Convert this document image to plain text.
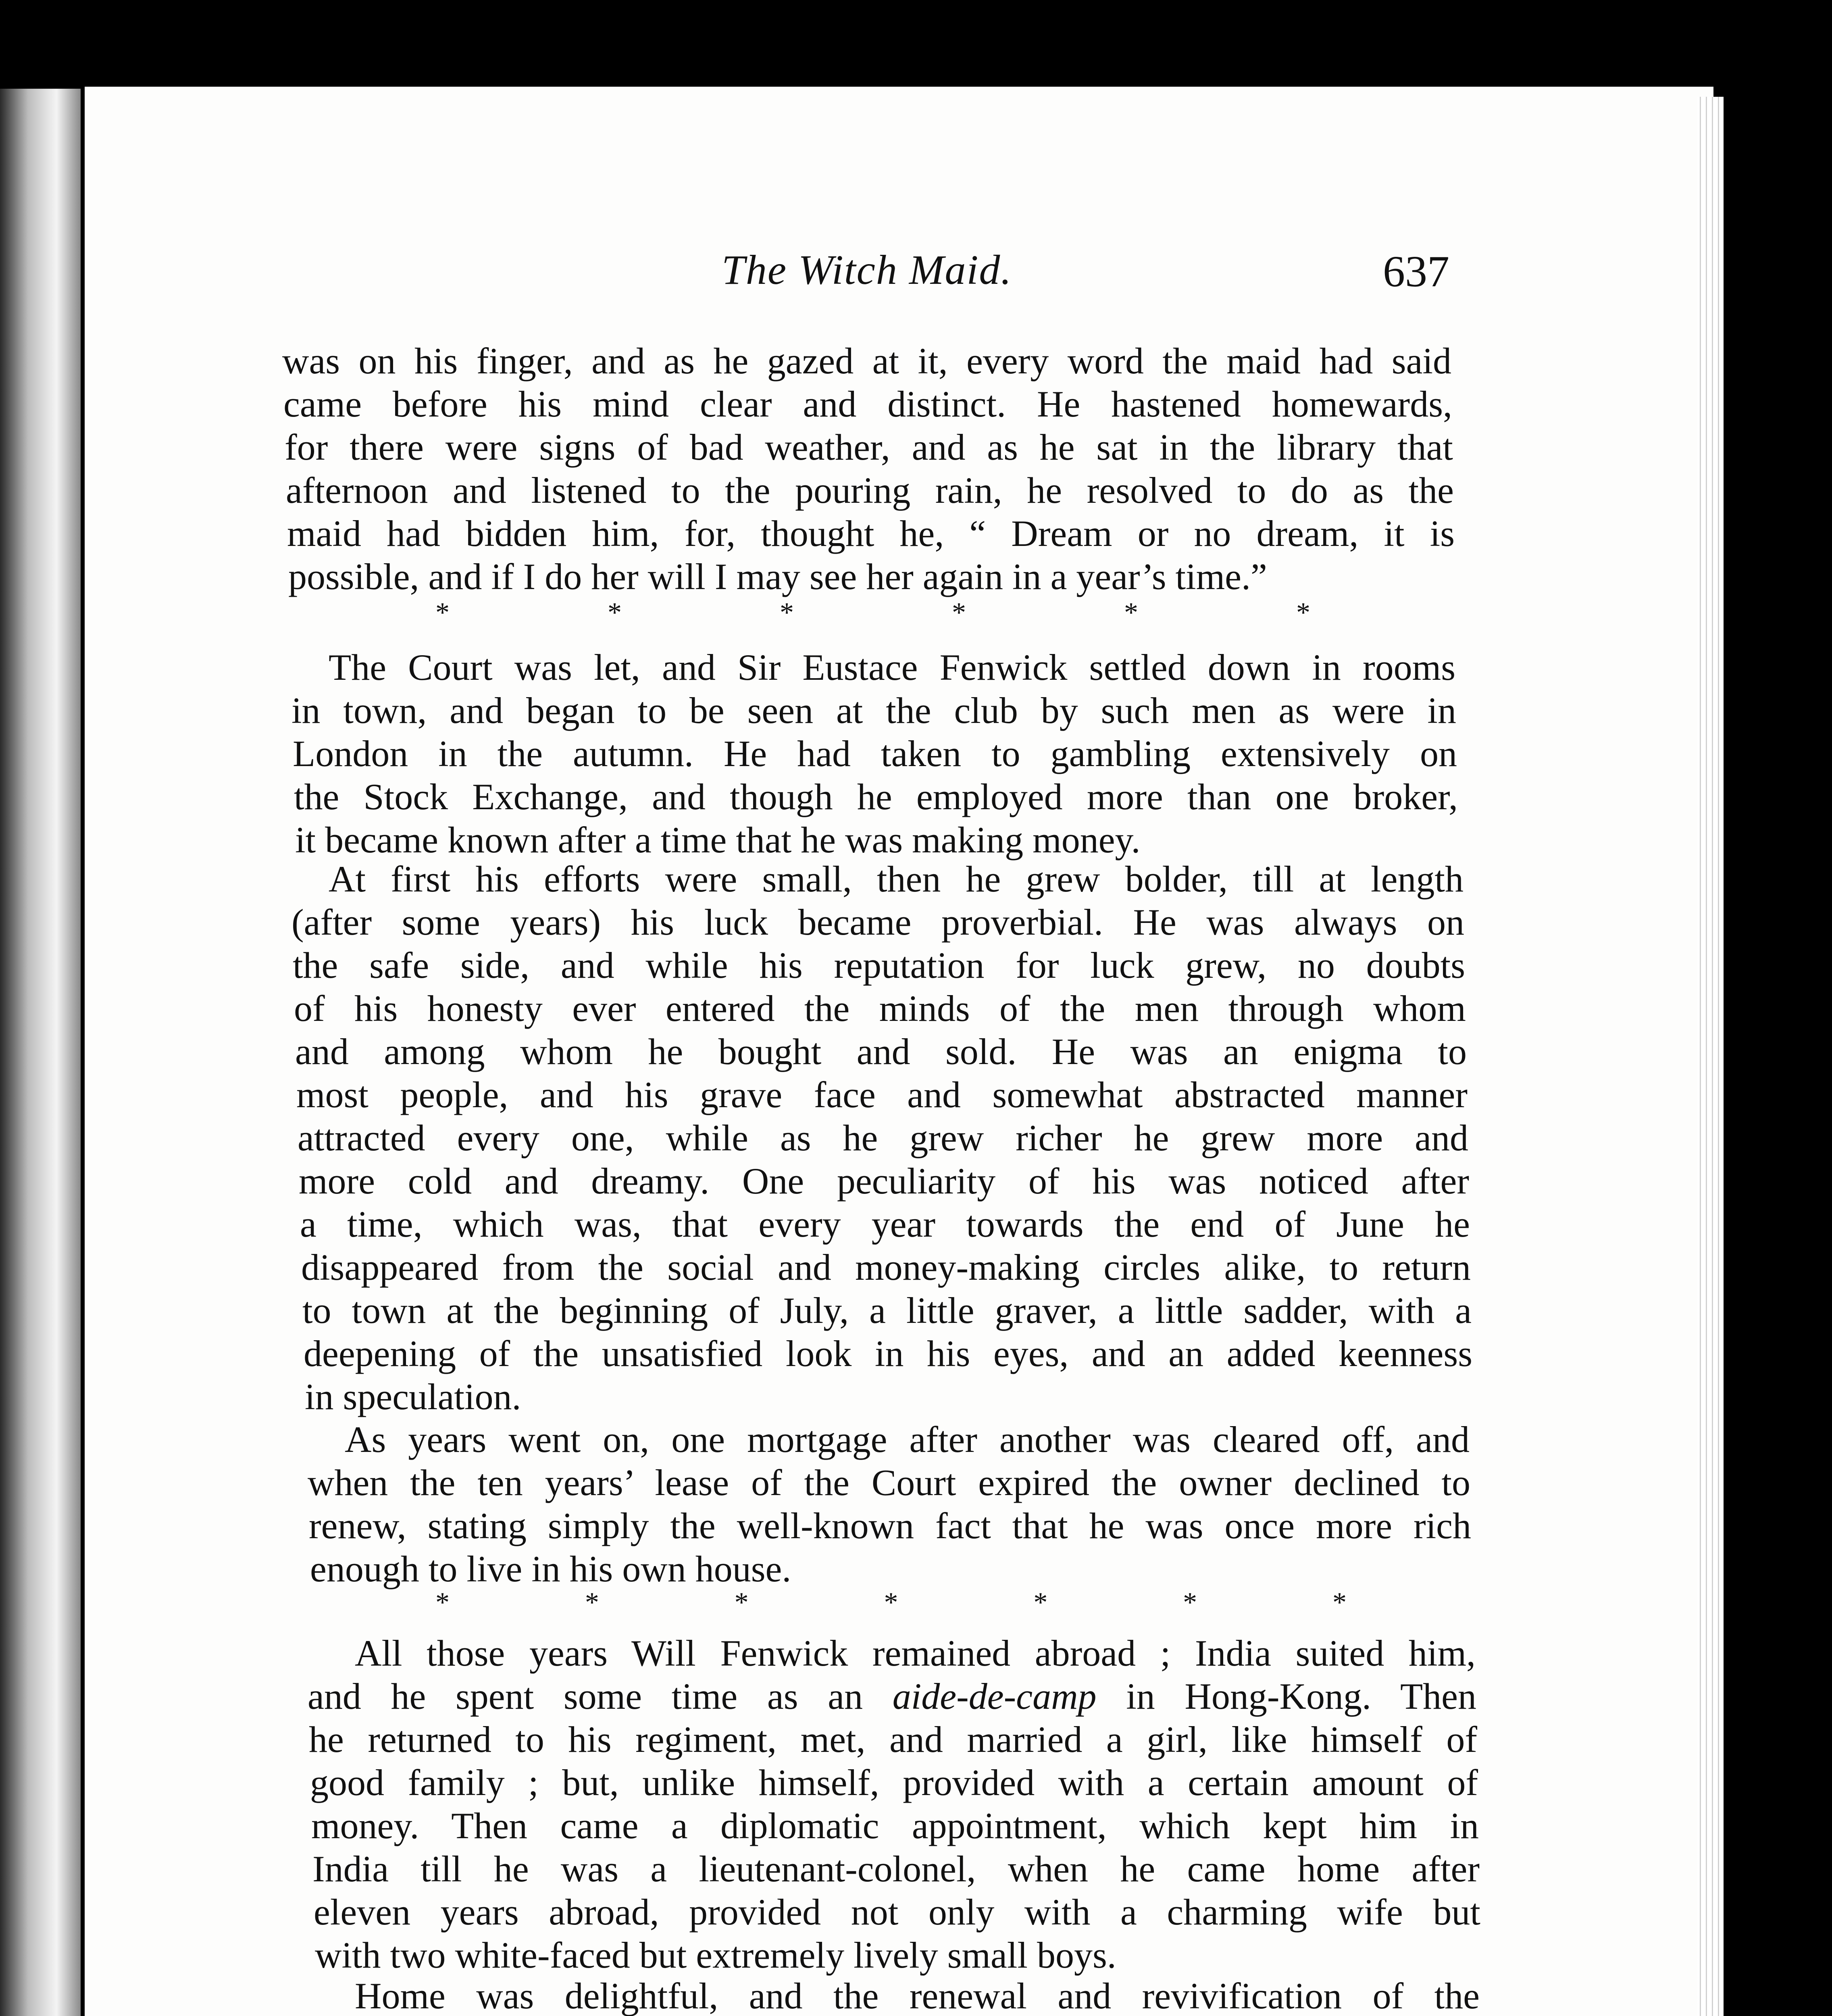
The Witch Maid.	637
*	*	*	*	*	*
*	*	*	*	*	*	*
was on his finger, and as he gazed at it, every word the maid had said
came before his mind clear and distinct. He hastened homewards,
for there were signs of bad weather, and as he sat in the library that
afternoon and listened to the pouring rain, he resolved to do as the
maid had bidden him, for, thought he, “ Dream or no dream, it is
possible, and if I do her will I may see her again in a year’s time.”
The Court was let, and Sir Eustace Fenwick settled down in rooms
in town, and began to be seen at the club by such men as were in
London in the autumn. He had taken to gambling extensively on
the Stock Exchange, and though he employed more than one broker,
it became known after a time that he was making money.
At first his efforts were small, then he grew bolder, till at length
(after some years) his luck became proverbial. He was always on
the safe side, and while his reputation for luck grew, no doubts
of his honesty ever entered the minds of the men through whom
and among whom he bought and sold. He was an enigma to
most people, and his grave face and somewhat abstracted manner
attracted every one, while as he grew richer he grew more and
more cold and dreamy. One peculiarity of his was noticed after
a time, which was, that every year towards the end of June he
disappeared from the social and money-making circles alike, to return
to town at the beginning of July, a little graver, a little sadder, with a
deepening of the unsatisfied look in his eyes, and an added keenness
in speculation.
As years went on, one mortgage after another was cleared off, and
when the ten years’ lease of the Court expired the owner declined to
renew, stating simply the well-known fact that he was once more rich
enough to live in his own house.
All those years Will Fenwick remained abroad ; India suited him,
and he spent some time as an aide-de-camp in Hong-Kong. Then
he returned to his regiment, met, and married a girl, like himself of
good family ; but, unlike himself, provided with a certain amount of
money. Then came a diplomatic appointment, which kept him in
India till he was a lieutenant-colonel, when he came home after
eleven years abroad, provided not only with a charming wife but
with two white-faced but extremely lively small boys.
Home was delightful, and the renewal and revivification of the
